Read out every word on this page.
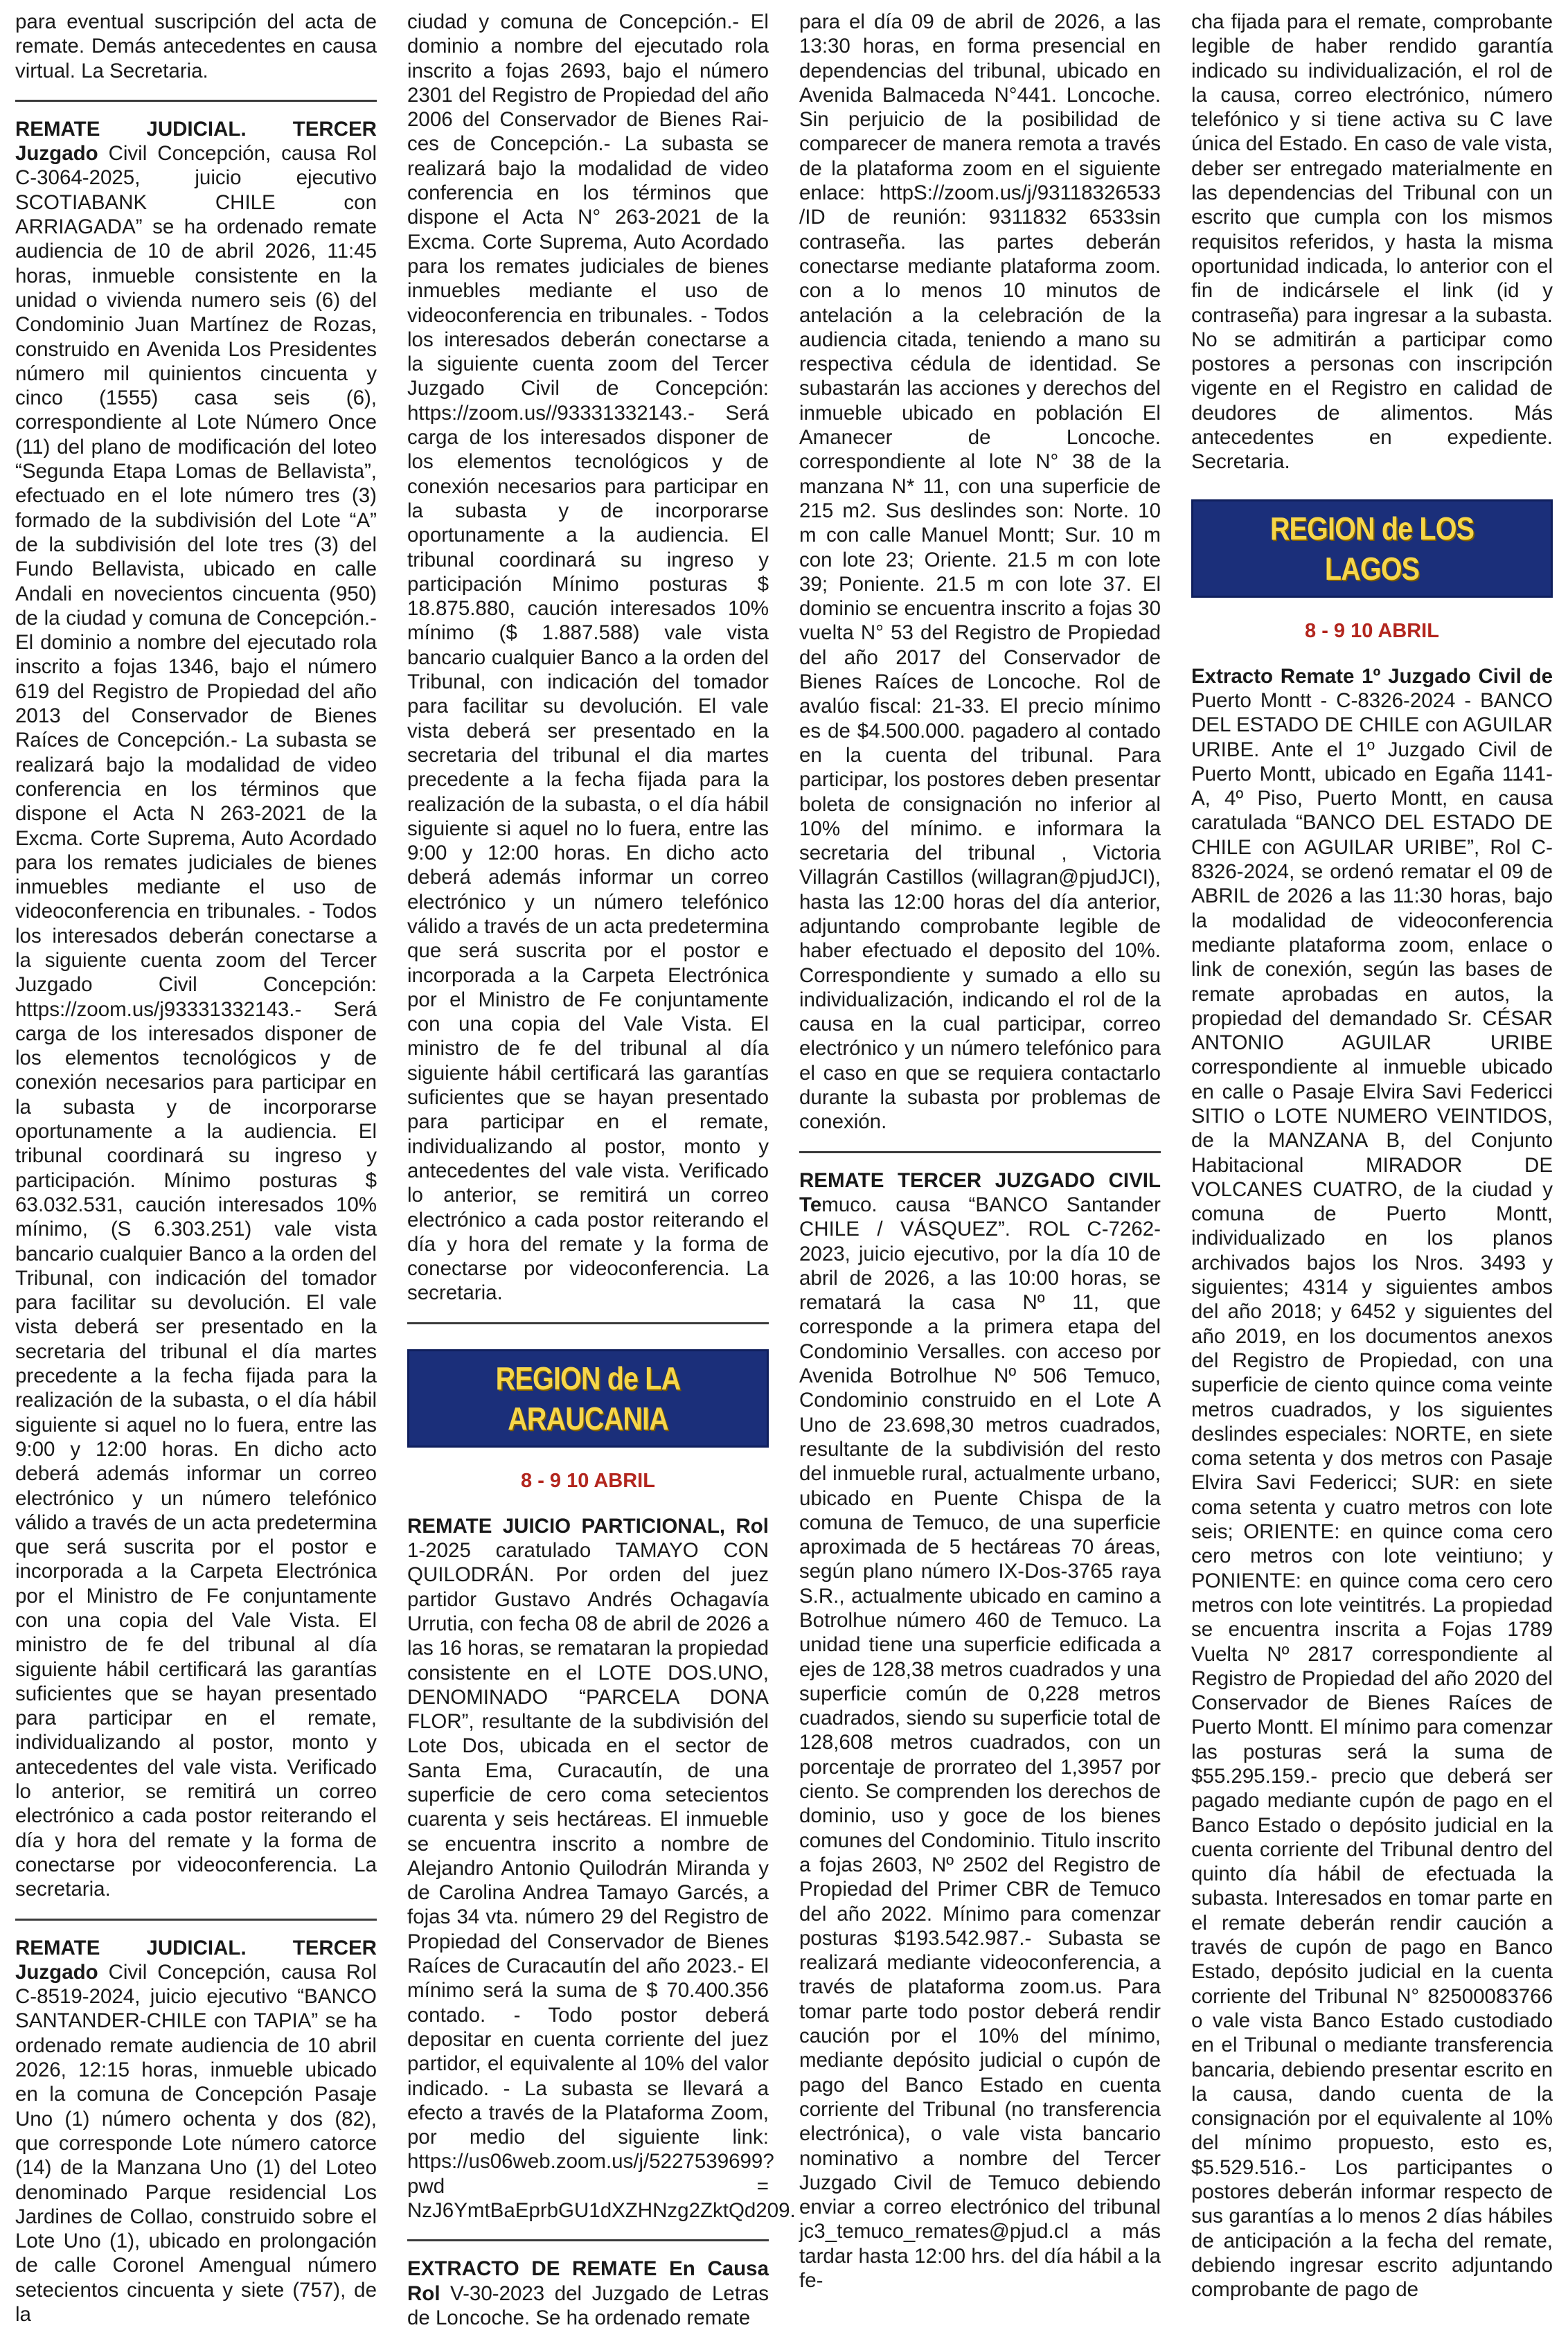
para eventual suscripción del acta de remate. Demás antecedentes en causa virtual. La Secretaria.

REMATE JUDICIAL. TERCER Juzgado Civil Concepción, causa Rol C-3064-2025, juicio ejecutivo SCOTIABANK CHILE con ARRIAGADA” se ha ordenado remate audiencia de 10 de abril 2026, 11:45 horas, inmueble consistente en la unidad o vivienda numero seis (6) del Condominio Juan Martínez de Rozas, construido en Avenida Los Presidentes número mil quinientos cincuenta y cinco (1555) casa seis (6), correspondiente al Lote Número Once (11) del plano de modificación del loteo “Segunda Etapa Lomas de Bellavista”, efectuado en el lote número tres (3) formado de la subdivisión del Lote “A” de la subdivisión del lote tres (3) del Fundo Bellavista, ubicado en calle Andali en novecientos cincuenta (950) de la ciudad y comuna de Concepción.- El dominio a nombre del ejecutado rola inscrito a fojas 1346, bajo el número 619 del Registro de Propiedad del año 2013 del Conservador de Bienes Raíces de Concepción.- La subasta se realizará bajo la modalidad de video conferencia en los términos que dispone el Acta N 263-2021 de la Excma. Corte Suprema, Auto Acordado para los remates judiciales de bienes inmuebles mediante el uso de videoconferencia en tribunales. - Todos los interesados deberán conectarse a la siguiente cuenta zoom del Tercer Juzgado Civil Concepción: https://zoom.us/j93331332143.- Será carga de los interesados disponer de los elementos tecnológicos y de conexión necesarios para participar en la subasta y de incorporarse oportunamente a la audiencia. El tribunal coordinará su ingreso y participación. Mínimo posturas $ 63.032.531, caución interesados 10% mínimo, (S 6.303.251) vale vista bancario cualquier Banco a la orden del Tribunal, con indicación del tomador para facilitar su devolución. El vale vista deberá ser presentado en la secretaria del tribunal el día martes precedente a la fecha fijada para la realización de la subasta, o el día hábil siguiente si aquel no lo fuera, entre las 9:00 y 12:00 horas. En dicho acto deberá además informar un correo electrónico y un número telefónico válido a través de un acta predetermina que será suscrita por el postor e incorporada a la Carpeta Electrónica por el Ministro de Fe conjuntamente con una copia del Vale Vista. El ministro de fe del tribunal al día siguiente hábil certificará las garantías suficientes que se hayan presentado para participar en el remate, individualizando al postor, monto y antecedentes del vale vista. Verificado lo anterior, se remitirá un correo electrónico a cada postor reiterando el día y hora del remate y la forma de conectarse por videoconferencia. La secretaria.

REMATE JUDICIAL. TERCER Juzgado Civil Concepción, causa Rol C-8519-2024, juicio ejecutivo “BANCO SANTANDER-CHILE con TAPIA” se ha ordenado remate audiencia de 10 abril 2026, 12:15 horas, inmueble ubicado en la comuna de Concepción Pasaje Uno (1) número ochenta y dos (82), que corresponde Lote número catorce (14) de la Manzana Uno (1) del Loteo denominado Parque residencial Los Jardines de Collao, construido sobre el Lote Uno (1), ubicado en prolongación de calle Coronel Amengual número setecientos cincuenta y siete (757), de la

ciudad y comuna de Concepción.- El dominio a nombre del ejecutado rola inscrito a fojas 2693, bajo el número 2301 del Registro de Propiedad del año 2006 del Conservador de Bienes Rai-ces de Concepción.- La subasta se realizará bajo la modalidad de video conferencia en los términos que dispone el Acta N° 263-2021 de la Excma. Corte Suprema, Auto Acordado para los remates judiciales de bienes inmuebles mediante el uso de videoconferencia en tribunales. - Todos los interesados deberán conectarse a la siguiente cuenta zoom del Tercer Juzgado Civil de Concepción: https://zoom.us//93331332143.- Será carga de los interesados disponer de los elementos tecnológicos y de conexión necesarios para participar en la subasta y de incorporarse oportunamente a la audiencia. El tribunal coordinará su ingreso y participación Mínimo posturas $ 18.875.880, caución interesados 10% mínimo ($ 1.887.588) vale vista bancario cualquier Banco a la orden del Tribunal, con indicación del tomador para facilitar su devolución. El vale vista deberá ser presentado en la secretaria del tribunal el dia martes precedente a la fecha fijada para la realización de la subasta, o el día hábil siguiente si aquel no lo fuera, entre las 9:00 y 12:00 horas. En dicho acto deberá además informar un correo electrónico y un número telefónico válido a través de un acta predetermina que será suscrita por el postor e incorporada a la Carpeta Electrónica por el Ministro de Fe conjuntamente con una copia del Vale Vista. El ministro de fe del tribunal al día siguiente hábil certificará las garantías suficientes que se hayan presentado para participar en el remate, individualizando al postor, monto y antecedentes del vale vista. Verificado lo anterior, se remitirá un correo electrónico a cada postor reiterando el día y hora del remate y la forma de conectarse por videoconferencia. La secretaria.

REGION de LA ARAUCANIA
8 - 9 10 ABRIL

REMATE JUICIO PARTICIONAL, Rol 1-2025 caratulado TAMAYO CON QUILODRÁN. Por orden del juez partidor Gustavo Andrés Ochagavía Urrutia, con fecha 08 de abril de 2026 a las 16 horas, se remataran la propiedad consistente en el LOTE DOS.UNO, DENOMINADO “PARCELA DONA FLOR”, resultante de la subdivisión del Lote Dos, ubicada en el sector de Santa Ema, Curacautín, de una superficie de cero coma setecientos cuarenta y seis hectáreas. El inmueble se encuentra inscrito a nombre de Alejandro Antonio Quilodrán Miranda y de Carolina Andrea Tamayo Garcés, a fojas 34 vta. número 29 del Registro de Propiedad del Conservador de Bienes Raíces de Curacautín del año 2023.- El mínimo será la suma de $ 70.400.356 contado. - Todo postor deberá depositar en cuenta corriente del juez partidor, el equivalente al 10% del valor indicado. - La subasta se llevará a efecto a través de la Plataforma Zoom, por medio del siguiente link: https://us06web.zoom.us/j/5227539699? pwd = NzJ6YmtBaEprbGU1dXZHNzg2ZktQd209.

EXTRACTO DE REMATE En Causa Rol V-30-2023 del Juzgado de Letras de Loncoche. Se ha ordenado remate

para el día 09 de abril de 2026, a las 13:30 horas, en forma presencial en dependencias del tribunal, ubicado en Avenida Balmaceda N°441. Loncoche. Sin perjuicio de la posibilidad de comparecer de manera remota a través de la plataforma zoom en el siguiente enlace: httpS://zoom.us/j/93118326533 /ID de reunión: 9311832 6533sin contraseña. las partes deberán conectarse mediante plataforma zoom. con a lo menos 10 minutos de antelación a la celebración de la audiencia citada, teniendo a mano su respectiva cédula de identidad. Se subastarán las acciones y derechos del inmueble ubicado en población El Amanecer de Loncoche. correspondiente al lote N° 38 de la manzana N* 11, con una superficie de 215 m2. Sus deslindes son: Norte. 10 m con calle Manuel Montt; Sur. 10 m con lote 23; Oriente. 21.5 m con lote 39; Poniente. 21.5 m con lote 37. El dominio se encuentra inscrito a fojas 30 vuelta N° 53 del Registro de Propiedad del año 2017 del Conservador de Bienes Raíces de Loncoche. Rol de avalúo fiscal: 21-33. El precio mínimo es de $4.500.000. pagadero al contado en la cuenta del tribunal. Para participar, los postores deben presentar boleta de consignación no inferior al 10% del mínimo. e informara la secretaria del tribunal , Victoria Villagrán Castillos (willagran@pjudJCI), hasta las 12:00 horas del día anterior, adjuntando comprobante legible de haber efectuado el deposito del 10%. Correspondiente y sumado a ello su individualización, indicando el rol de la causa en la cual participar, correo electrónico y un número telefónico para el caso en que se requiera contactarlo durante la subasta por problemas de conexión.

REMATE TERCER JUZGADO CIVIL Temuco. causa “BANCO Santander CHILE / VÁSQUEZ”. ROL C-7262-2023, juicio ejecutivo, por la día 10 de abril de 2026, a las 10:00 horas, se rematará la casa Nº 11, que corresponde a la primera etapa del Condominio Versalles. con acceso por Avenida Botrolhue Nº 506 Temuco, Condominio construido en el Lote A Uno de 23.698,30 metros cuadrados, resultante de la subdivisión del resto del inmueble rural, actualmente urbano, ubicado en Puente Chispa de la comuna de Temuco, de una superficie aproximada de 5 hectáreas 70 áreas, según plano número IX-Dos-3765 raya S.R., actualmente ubicado en camino a Botrolhue número 460 de Temuco. La unidad tiene una superficie edificada a ejes de 128,38 metros cuadrados y una superficie común de 0,228 metros cuadrados, siendo su superficie total de 128,608 metros cuadrados, con un porcentaje de prorrateo del 1,3957 por ciento. Se comprenden los derechos de dominio, uso y goce de los bienes comunes del Condominio. Titulo inscrito a fojas 2603, Nº 2502 del Registro de Propiedad del Primer CBR de Temuco del año 2022. Mínimo para comenzar posturas $193.542.987.- Subasta se realizará mediante videoconferencia, a través de plataforma zoom.us. Para tomar parte todo postor deberá rendir caución por el 10% del mínimo, mediante depósito judicial o cupón de pago del Banco Estado en cuenta corriente del Tribunal (no transferencia electrónica), o vale vista bancario nominativo a nombre del Tercer Juzgado Civil de Temuco debiendo enviar a correo electrónico del tribunal jc3_temuco_remates@pjud.cl a más tardar hasta 12:00 hrs. del día hábil a la fe-

cha fijada para el remate, comprobante legible de haber rendido garantía indicado su individualización, el rol de la causa, correo electrónico, número telefónico y si tiene activa su C lave única del Estado. En caso de vale vista, deber ser entregado materialmente en las dependencias del Tribunal con un escrito que cumpla con los mismos requisitos referidos, y hasta la misma oportunidad indicada, lo anterior con el fin de indicársele el link (id y contraseña) para ingresar a la subasta. No se admitirán a participar como postores a personas con inscripción vigente en el Registro en calidad de deudores de alimentos. Más antecedentes en expediente. Secretaria.

REGION de LOS LAGOS
8 - 9 10 ABRIL

Extracto Remate 1º Juzgado Civil de Puerto Montt - C-8326-2024 - BANCO DEL ESTADO DE CHILE con AGUILAR URIBE. Ante el 1º Juzgado Civil de Puerto Montt, ubicado en Egaña 1141-A, 4º Piso, Puerto Montt, en causa caratulada “BANCO DEL ESTADO DE CHILE con AGUILAR URIBE”, Rol C-8326-2024, se ordenó rematar el 09 de ABRIL de 2026 a las 11:30 horas, bajo la modalidad de videoconferencia mediante plataforma zoom, enlace o link de conexión, según las bases de remate aprobadas en autos, la propiedad del demandado Sr. CÉSAR ANTONIO AGUILAR URIBE correspondiente al inmueble ubicado en calle o Pasaje Elvira Savi Federicci SITIO o LOTE NUMERO VEINTIDOS, de la MANZANA B, del Conjunto Habitacional MIRADOR DE VOLCANES CUATRO, de la ciudad y comuna de Puerto Montt, individualizado en los planos archivados bajos los Nros. 3493 y siguientes; 4314 y siguientes ambos del año 2018; y 6452 y siguientes del año 2019, en los documentos anexos del Registro de Propiedad, con una superficie de ciento quince coma veinte metros cuadrados, y los siguientes deslindes especiales: NORTE, en siete coma setenta y dos metros con Pasaje Elvira Savi Federicci; SUR: en siete coma setenta y cuatro metros con lote seis; ORIENTE: en quince coma cero cero metros con lote veintiuno; y PONIENTE: en quince coma cero cero metros con lote veintitrés. La propiedad se encuentra inscrita a Fojas 1789 Vuelta Nº 2817 correspondiente al Registro de Propiedad del año 2020 del Conservador de Bienes Raíces de Puerto Montt. El mínimo para comenzar las posturas será la suma de $55.295.159.- precio que deberá ser pagado mediante cupón de pago en el Banco Estado o depósito judicial en la cuenta corriente del Tribunal dentro del quinto día hábil de efectuada la subasta. Interesados en tomar parte en el remate deberán rendir caución a través de cupón de pago en Banco Estado, depósito judicial en la cuenta corriente del Tribunal N° 82500083766 o vale vista Banco Estado custodiado en el Tribunal o mediante transferencia bancaria, debiendo presentar escrito en la causa, dando cuenta de la consignación por el equivalente al 10% del mínimo propuesto, esto es, $5.529.516.- Los participantes o postores deberán informar respecto de sus garantías a lo menos 2 días hábiles de anticipación a la fecha del remate, debiendo ingresar escrito adjuntando comprobante de pago de
